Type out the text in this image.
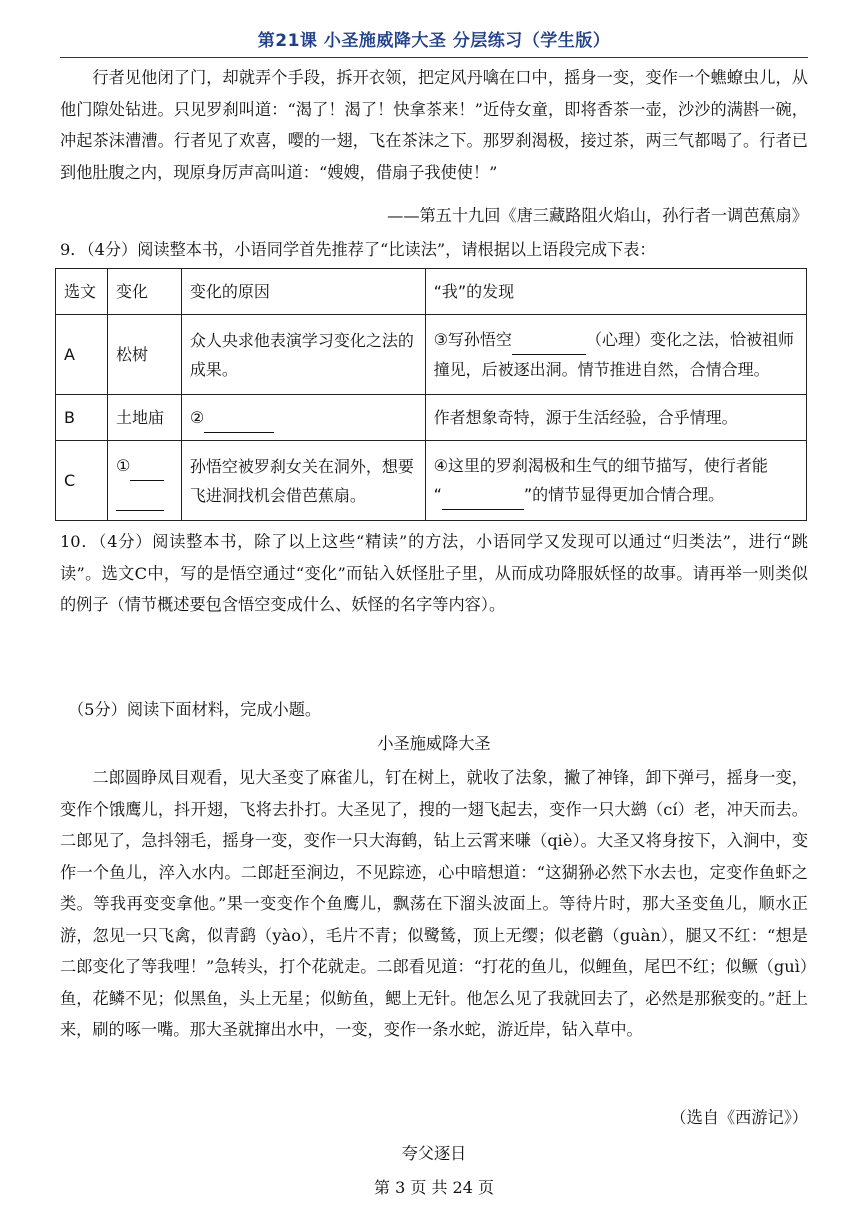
第21课 小圣施威降大圣 分层练习（学生版）

行者见他闭了门，却就弄个手段，拆开衣领，把定风丹噙在口中，摇身一变，变作一个蟭蟟虫儿，从他门隙处钻进。只见罗刹叫道：“渴了！渴了！快拿茶来！”近侍女童，即将香茶一壶，沙沙的满斟一碗，冲起茶沫漕漕。行者见了欢喜，嘤的一翅，飞在茶沫之下。那罗刹渴极，接过茶，两三气都喝了。行者已到他肚腹之内，现原身厉声高叫道：“嫂嫂，借扇子我使使！”

——第五十九回《唐三藏路阻火焰山，孙行者一调芭蕉扇》

9．（4分）阅读整本书，小语同学首先推荐了“比读法”，请根据以上语段完成下表：

选文	变化	变化的原因	“我”的发现
A	松树	众人央求他表演学习变化之法的成果。	③写孙悟空 （心理）变化之法，恰被祖师撞见，后被逐出洞。情节推进自然，合情合理。
B	土地庙	②	作者想象奇特，源于生活经验，合乎情理。
C	①	孙悟空被罗刹女关在洞外，想要飞进洞找机会借芭蕉扇。	④这里的罗刹渴极和生气的细节描写，使行者能
“ ”的情节显得更加合情合理。

10．（4分）阅读整本书，除了以上这些“精读”的方法，小语同学又发现可以通过“归类法”，进行“跳读”。选文C中，写的是悟空通过“变化”而钻入妖怪肚子里，从而成功降服妖怪的故事。请再举一则类似的例子（情节概述要包含悟空变成什么、妖怪的名字等内容）。

（5分）阅读下面材料，完成小题。

小圣施威降大圣

二郎圆睁凤目观看，见大圣变了麻雀儿，钉在树上，就收了法象，撇了神锋，卸下弹弓，摇身一变，变作个饿鹰儿，抖开翅，飞将去扑打。大圣见了，搜的一翅飞起去，变作一只大鹚（cí）老，冲天而去。二郎见了，急抖翎毛，摇身一变，变作一只大海鹤，钻上云霄来嗛（qiè）。大圣又将身按下，入涧中，变作一个鱼儿，淬入水内。二郎赶至涧边，不见踪迹，心中暗想道：“这猢狲必然下水去也，定变作鱼虾之类。等我再变变拿他。”果一变变作个鱼鹰儿，飘荡在下溜头波面上。等待片时，那大圣变鱼儿，顺水正游，忽见一只飞禽，似青鹞（yào），毛片不青；似鹭鸶，顶上无缨；似老鹳（guàn），腿又不红：“想是二郎变化了等我哩！”急转头，打个花就走。二郎看见道：“打花的鱼儿，似鲤鱼，尾巴不红；似鳜（guì）鱼，花鳞不见；似黑鱼，头上无星；似鲂鱼，鳃上无针。他怎么见了我就回去了，必然是那猴变的。”赶上来，刷的啄一嘴。那大圣就撺出水中，一变，变作一条水蛇，游近岸，钻入草中。

（选自《西游记》）
夸父逐日
第 3 页 共 24 页
